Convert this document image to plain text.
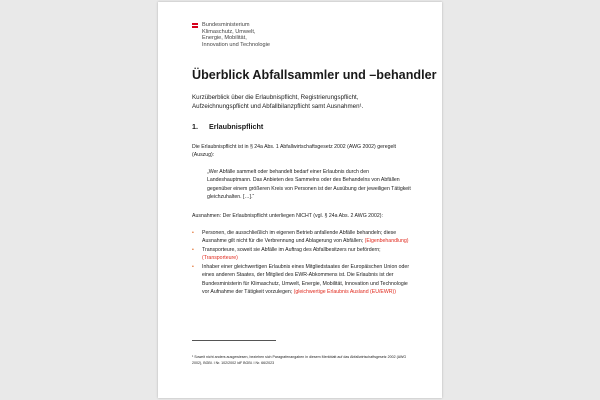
Bundesministerium
Klimaschutz, Umwelt,
Energie, Mobilität,
Innovation und Technologie
Überblick Abfallsammler und –behandler
Kurzüberblick über die Erlaubnispflicht, Registrierungspflicht, Aufzeichnungspflicht und Abfallbilanzpflicht samt Ausnahmen¹.
1. Erlaubnispflicht
Die Erlaubnispflicht ist in § 24a Abs. 1 Abfallwirtschaftsgesetz 2002 (AWG 2002) geregelt (Auszug):
„Wer Abfälle sammelt oder behandelt bedarf einer Erlaubnis durch den Landeshauptmann. Das Anbieten des Sammelns oder des Behandelns von Abfällen gegenüber einem größeren Kreis von Personen ist der Ausübung der jeweiligen Tätigkeit gleichzuhalten. […].“
Ausnahmen: Der Erlaubnispflicht unterliegen NICHT (vgl. § 24a Abs. 2 AWG 2002):
• Personen, die ausschließlich im eigenen Betrieb anfallende Abfälle behandeln; diese Ausnahme gilt nicht für die Verbrennung und Ablagerung von Abfällen; (Eigenbehandlung)
• Transporteure, soweit sie Abfälle im Auftrag des Abfallbesitzers nur befördern; (Transporteure)
• Inhaber einer gleichwertigen Erlaubnis eines Mitgliedstaates der Europäischen Union oder eines anderen Staates, der Mitglied des EWR-Abkommens ist. Die Erlaubnis ist der Bundesministerin für Klimaschutz, Umwelt, Energie, Mobilität, Innovation und Technologie vor Aufnahme der Tätigkeit vorzulegen; (gleichwertige Erlaubnis Ausland (EU/EWR))
¹ Soweit nicht anders ausgewiesen, beziehen sich Paragrafenangaben in diesem Merkblatt auf das Abfallwirtschaftsgesetz 2002 (AWG 2002), BGBl. I Nr. 102/2002 idF BGBl. I Nr. 66/2023
